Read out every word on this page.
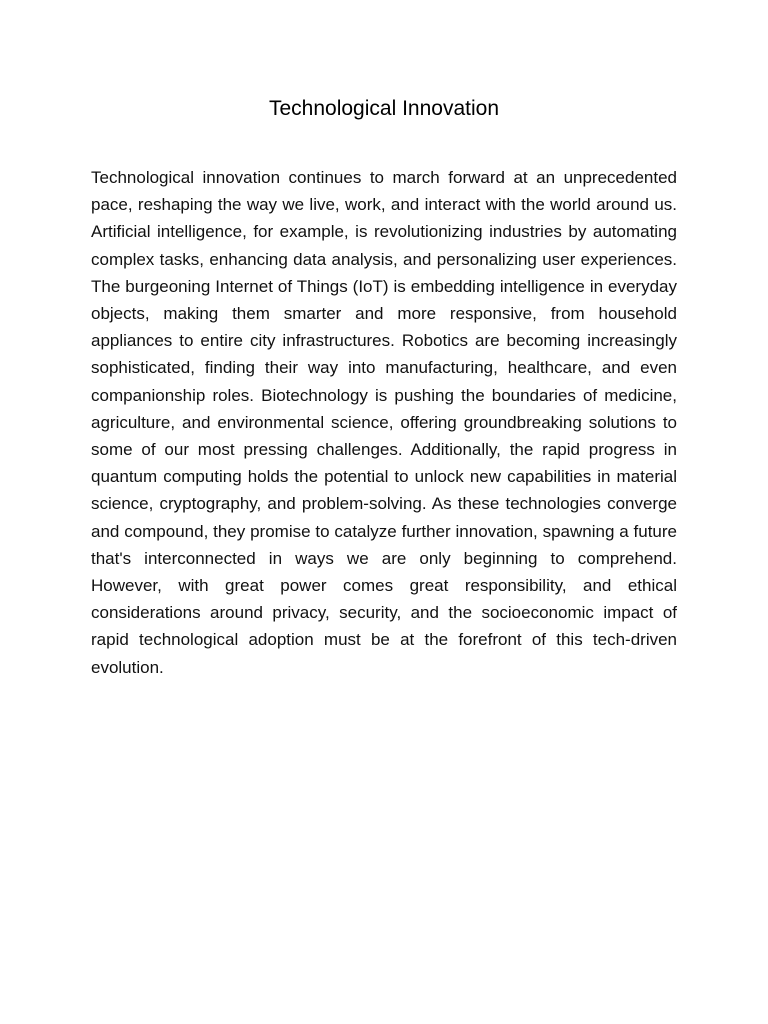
Technological Innovation

Technological innovation continues to march forward at an unprecedented pace, reshaping the way we live, work, and interact with the world around us. Artificial intelligence, for example, is revolutionizing industries by automating complex tasks, enhancing data analysis, and personalizing user experiences. The burgeoning Internet of Things (IoT) is embedding intelligence in everyday objects, making them smarter and more responsive, from household appliances to entire city infrastructures. Robotics are becoming increasingly sophisticated, finding their way into manufacturing, healthcare, and even companionship roles. Biotechnology is pushing the boundaries of medicine, agriculture, and environmental science, offering groundbreaking solutions to some of our most pressing challenges. Additionally, the rapid progress in quantum computing holds the potential to unlock new capabilities in material science, cryptography, and problem-solving. As these technologies converge and compound, they promise to catalyze further innovation, spawning a future that's interconnected in ways we are only beginning to comprehend. However, with great power comes great responsibility, and ethical considerations around privacy, security, and the socioeconomic impact of rapid technological adoption must be at the forefront of this tech-driven evolution.
